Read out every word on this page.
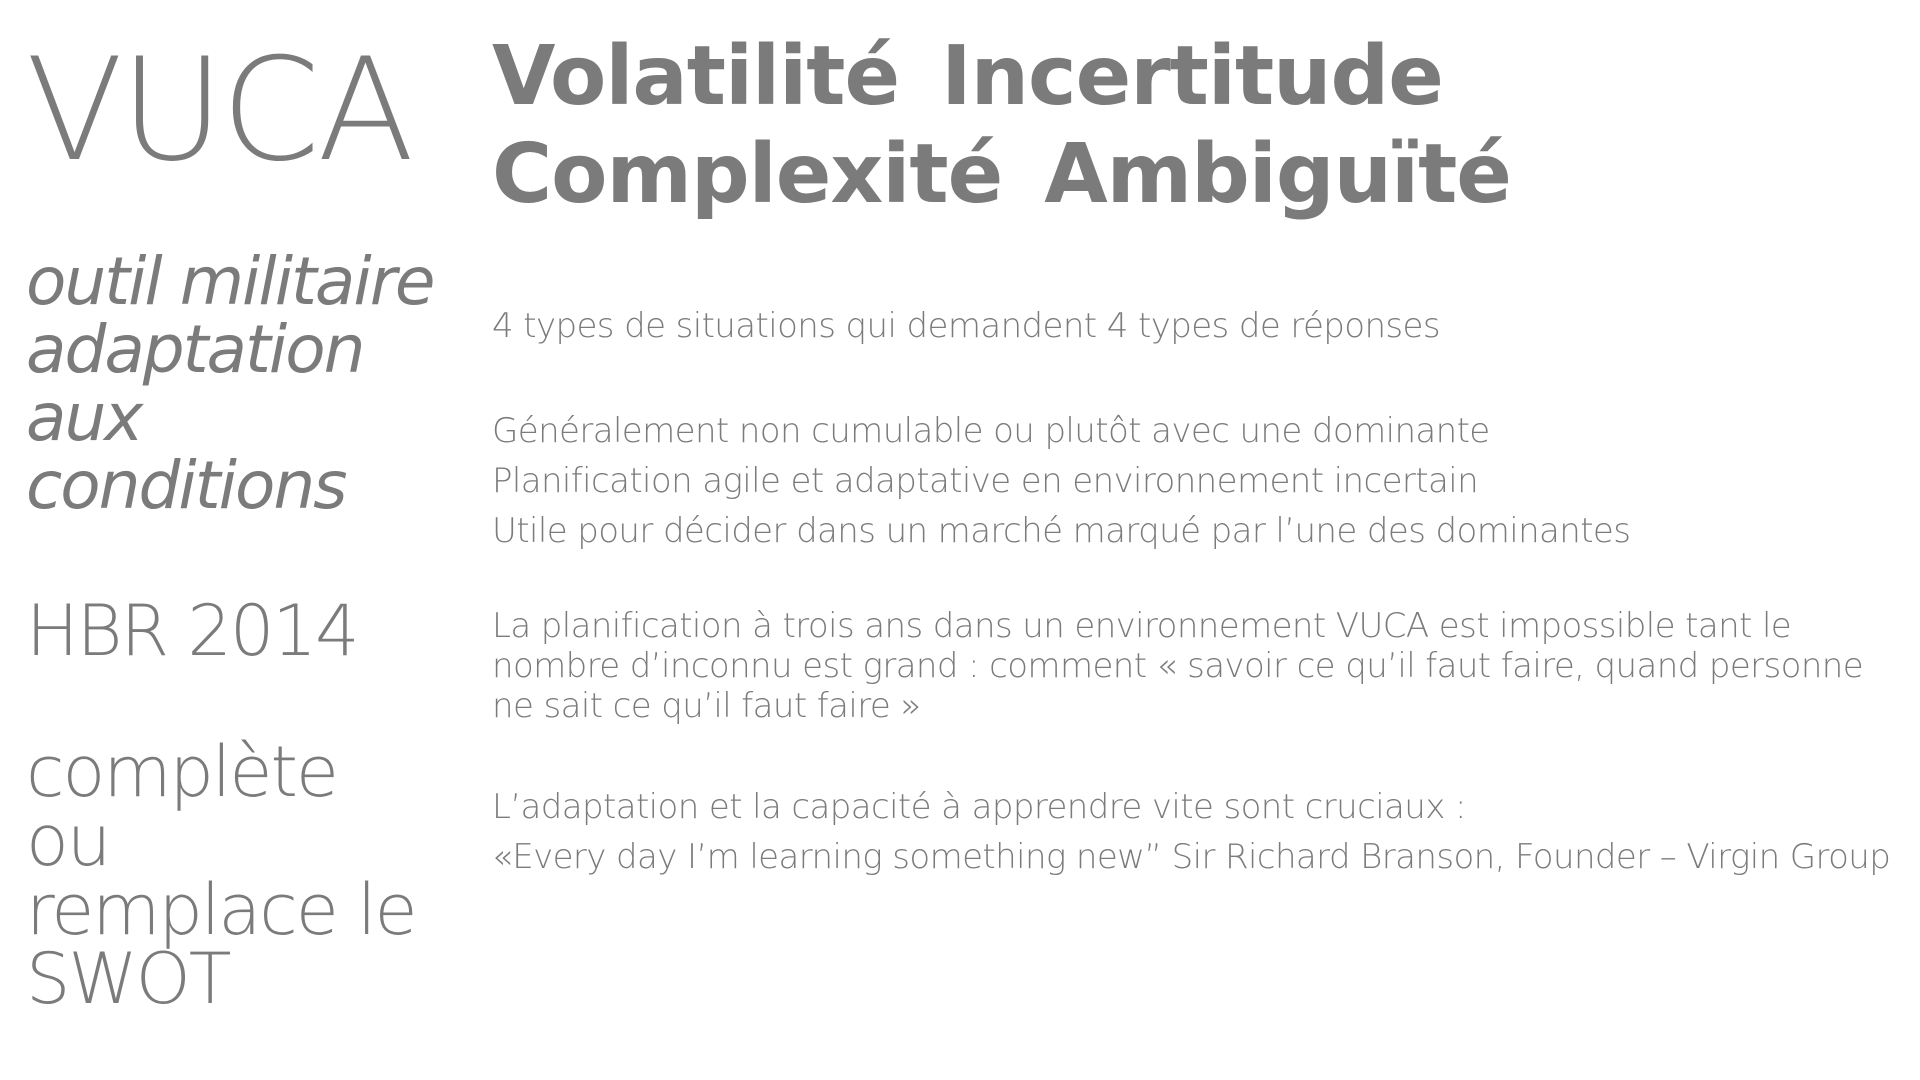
VUCA
outil militaire
adaptation
aux
conditions
HBR 2014
complète
ou
remplace le
SWOT
Volatilité Incertitude
Complexité Ambiguïté
4 types de situations qui demandent 4 types de réponses
Généralement non cumulable ou plutôt avec une dominante
Planification agile et adaptative en environnement incertain
Utile pour décider dans un marché marqué par l’une des dominantes
La planification à trois ans dans un environnement VUCA est impossible tant le nombre d’inconnu est grand : comment « savoir ce qu’il faut faire, quand personne ne sait ce qu’il faut faire »
L’adaptation et la capacité à apprendre vite sont cruciaux :
«Every day I’m learning something new” Sir Richard Branson, Founder – Virgin Group
